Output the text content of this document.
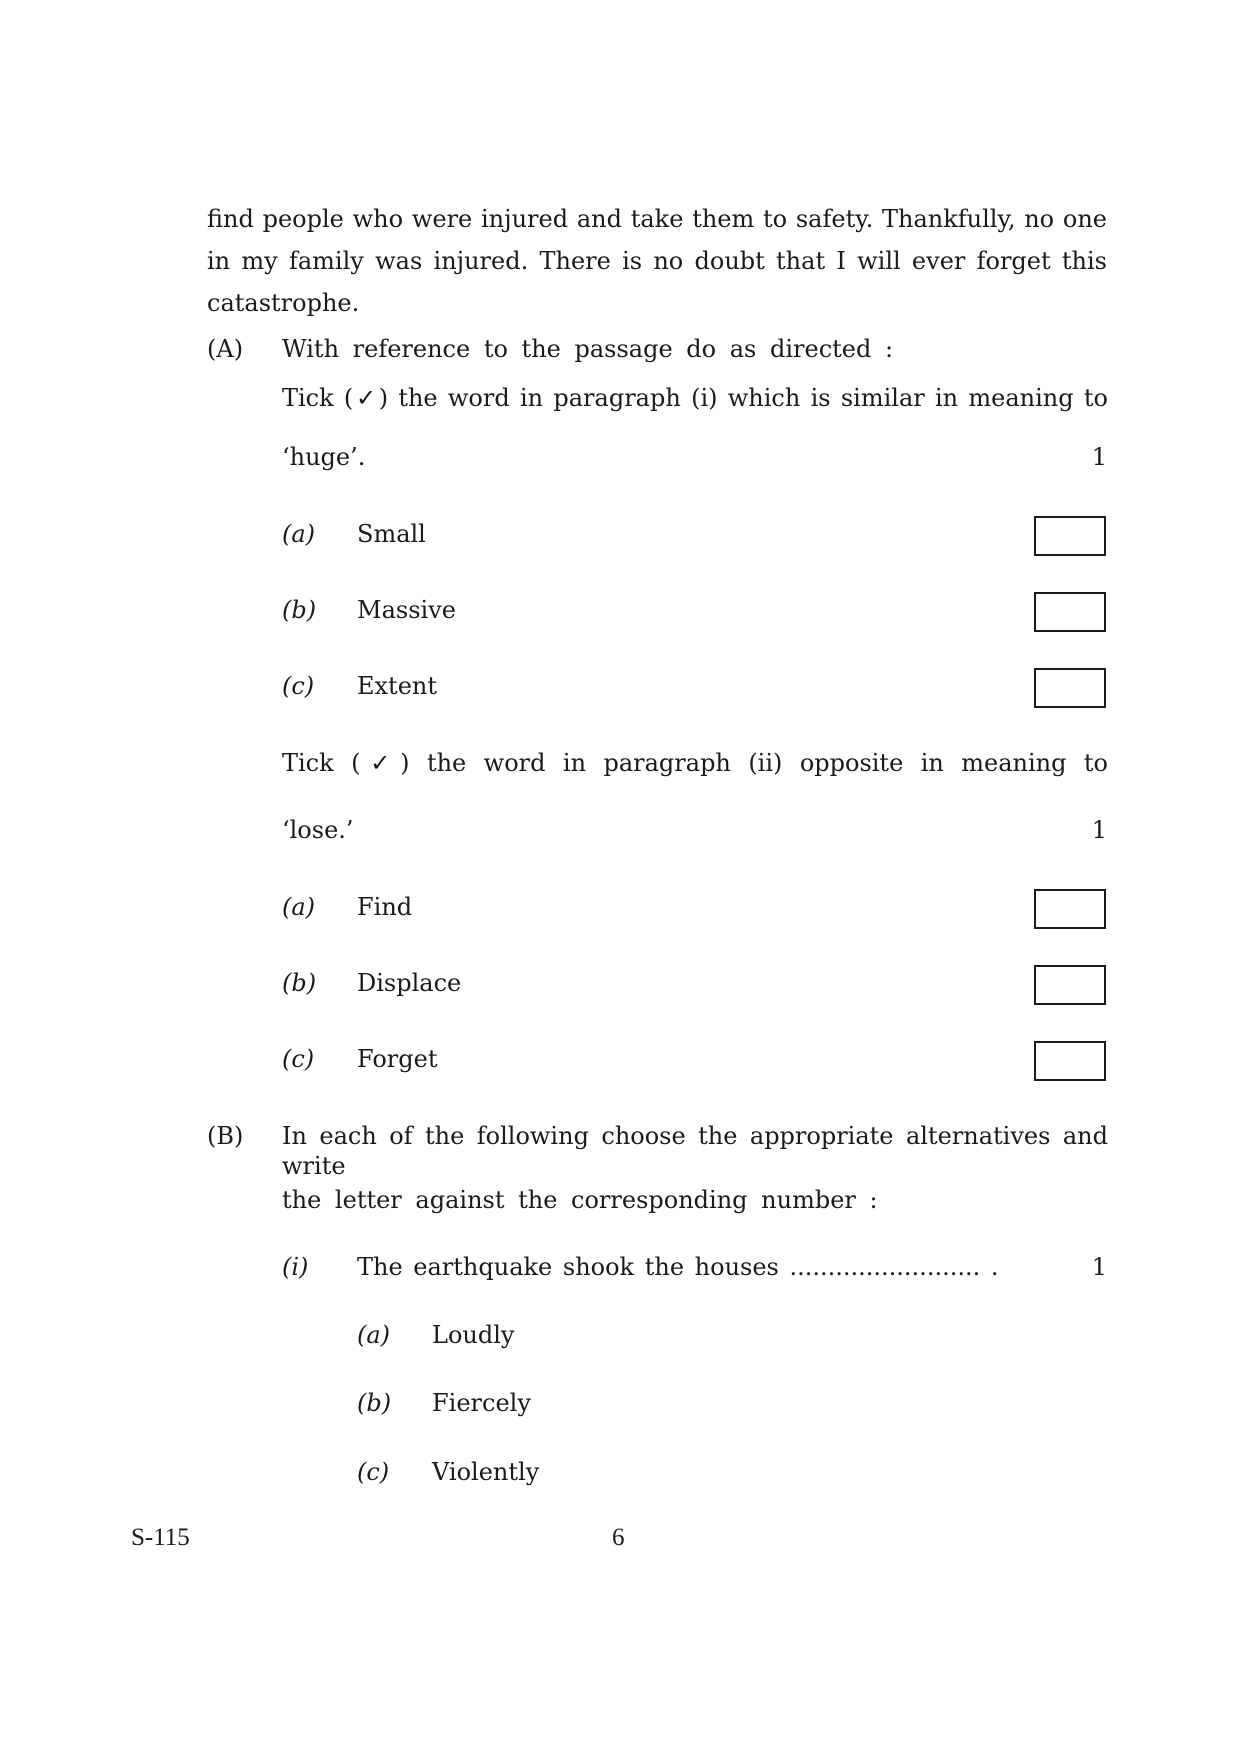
find people who were injured and take them to safety. Thankfully, no one in my family was injured. There is no doubt that I will ever forget this catastrophe.

(A) With reference to the passage do as directed :
Tick (✓) the word in paragraph (i) which is similar in meaning to
‘huge’.	1
(a) Small
(b) Massive
(c) Extent
Tick (✓) the word in paragraph (ii) opposite in meaning to
‘lose.’	1
(a) Find
(b) Displace
(c) Forget
(B) In each of the following choose the appropriate alternatives and write
the letter against the corresponding number :
(i) The earthquake shook the houses ......................... .	1
(a) Loudly
(b) Fiercely
(c) Violently
S-115	6
